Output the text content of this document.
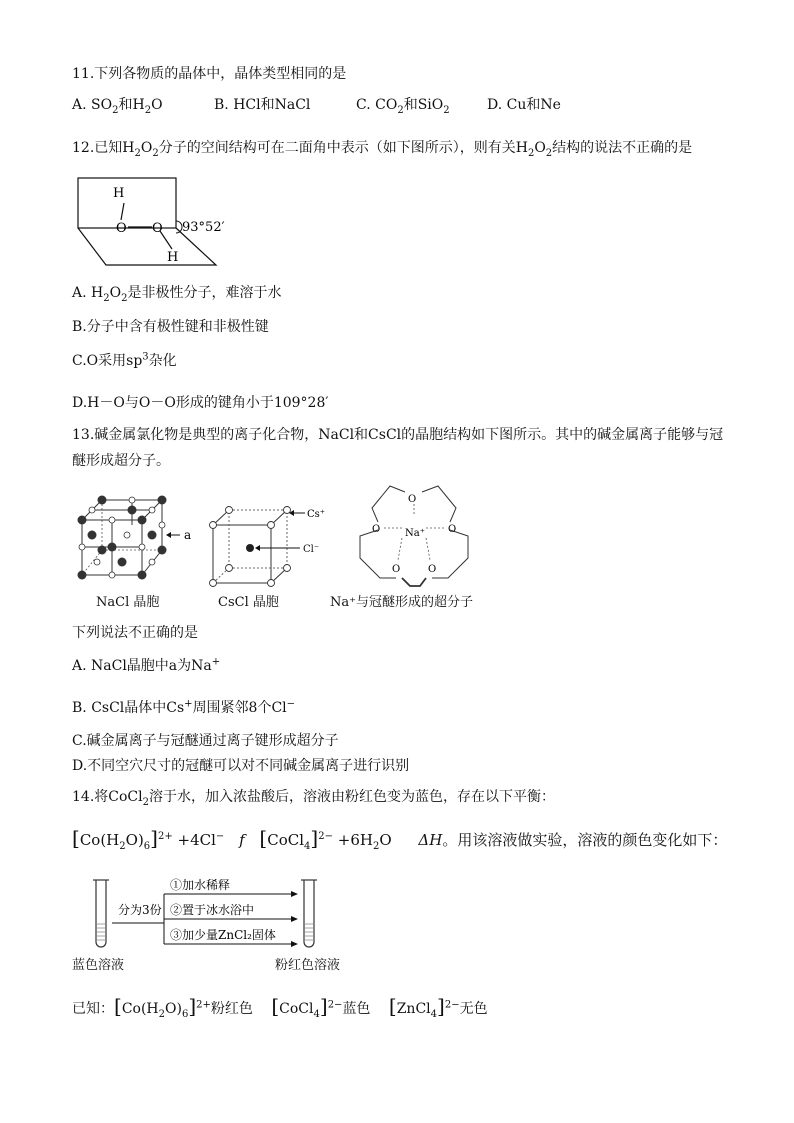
11.下列各物质的晶体中，晶体类型相同的是
A. $SO_2$和$H_2O$	B. HCl和NaCl	C. $CO_2$和SiO$_2$	D. Cu和Ne
12.已知$H_2O_2$分子的空间结构可在二面角中表示（如下图所示），则有关$H_2O_2$结构的说法不正确的是
H
O O
H
93°52′
A. $H_2O_2$是非极性分子，难溶于水
B.分子中含有极性键和非极性键
C.O采用$sp^3$杂化
D.H－O与O－O形成的键角小于109°28′
13.碱金属氯化物是典型的离子化合物，NaCl和CsCl的晶胞结构如下图所示。其中的碱金属离子能够与冠
醚形成超分子。
a
NaCl 晶胞
Cs⁺
Cl⁻
CsCl 晶胞
O
O	O
O	O
Na⁺
Na⁺与冠醚形成的超分子
下列说法不正确的是
A. NaCl晶胞中a为Na+
B. CsCl晶体中Cs+周围紧邻8个Cl−
C.碱金属离子与冠醚通过离子键形成超分子
D.不同空穴尺寸的冠醚可以对不同碱金属离子进行识别
14.将CoCl$_2$溶于水，加入浓盐酸后，溶液由粉红色变为蓝色，存在以下平衡：
$[Co(H_2O)_6]^{2+} +4Cl^-$ f [CoCl$_4$]$^{2-}$ $+6H_2O$ ΔH。用该溶液做实验，溶液的颜色变化如下：
分为3份
①加水稀释
②置于冰水浴中
③加少量ZnCl₂固体
蓝色溶液	粉红色溶液
已知：$[Co(H_2O)_6]^{2+}$粉红色 [CoCl$_4$]$^{2-}$蓝色 [ZnCl$_4$]$^{2-}$无色
